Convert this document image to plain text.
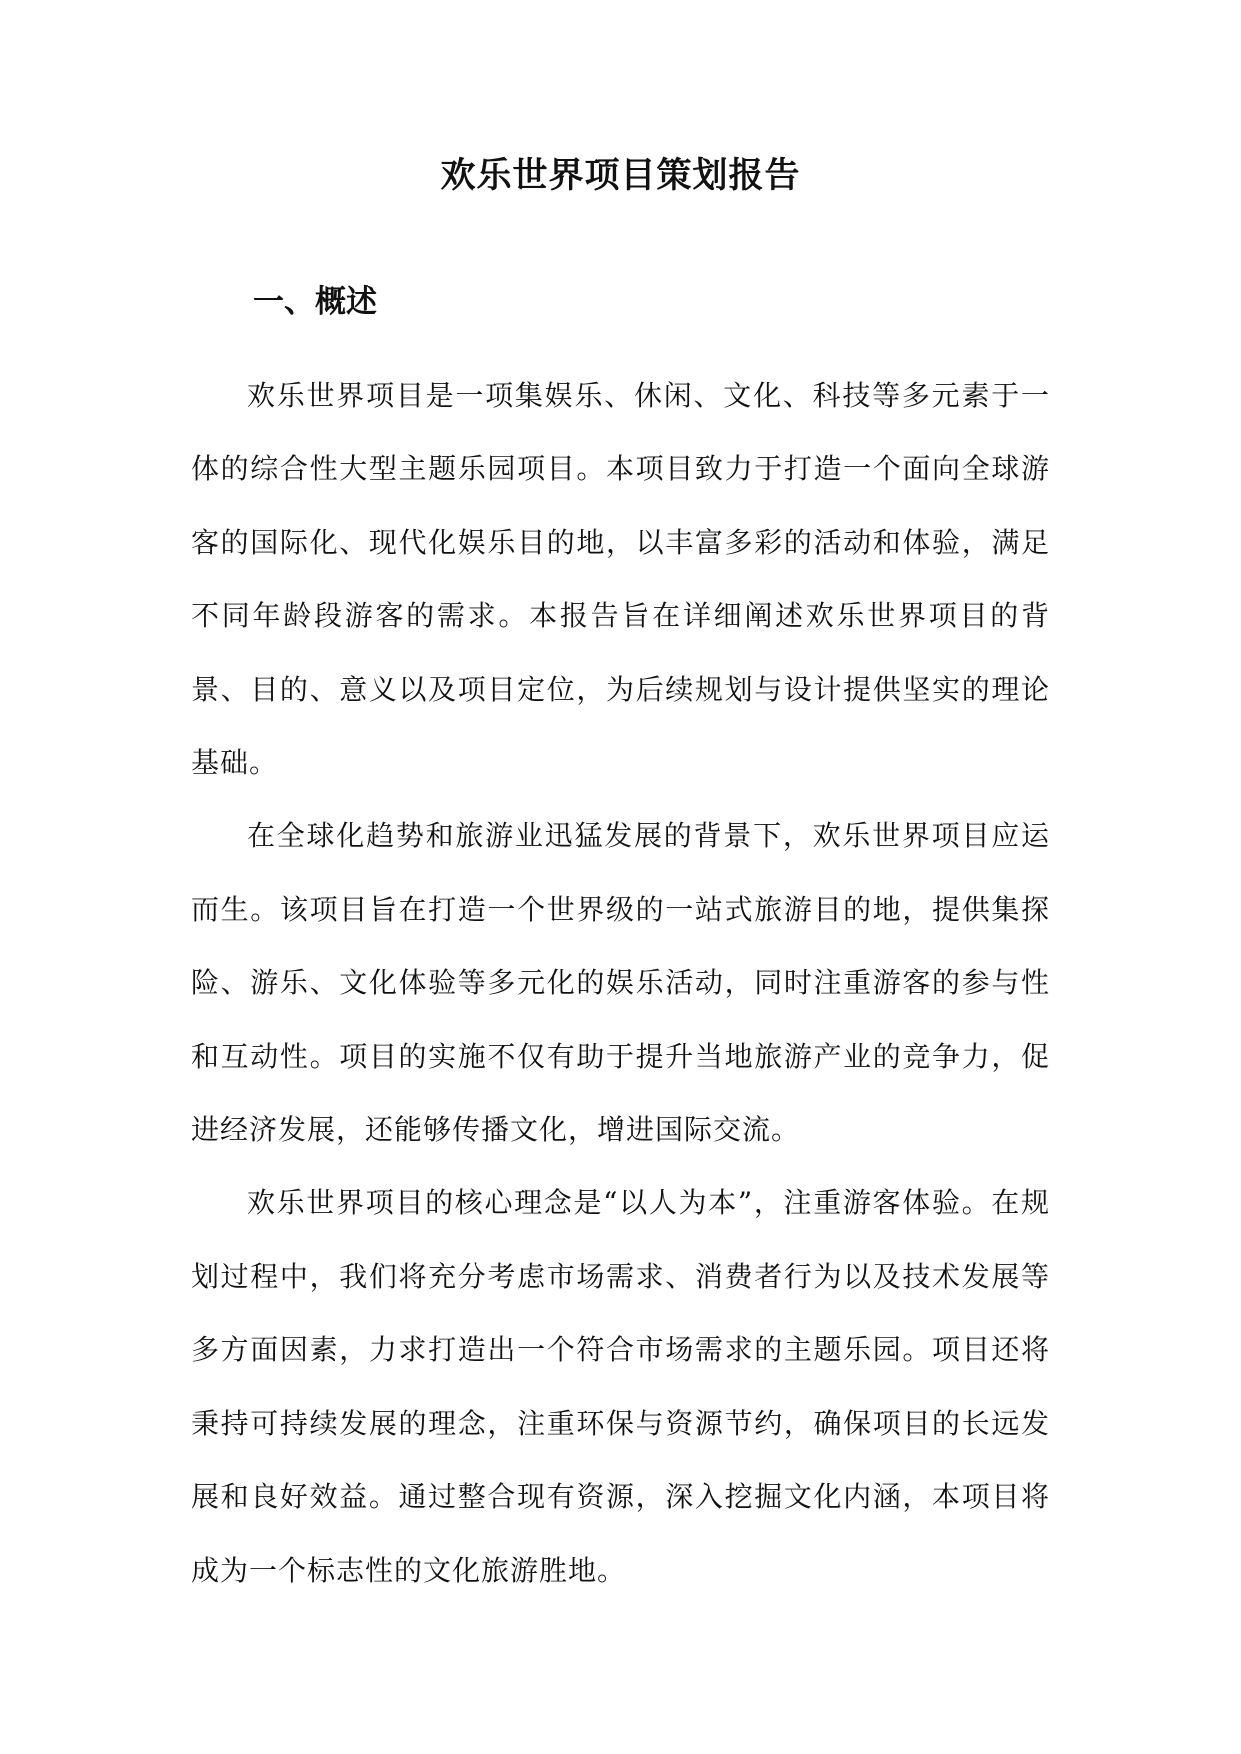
欢乐世界项目策划报告
一、概述

欢乐世界项目是一项集娱乐、休闲、文化、科技等多元素于一体的综合性大型主题乐园项目。本项目致力于打造一个面向全球游客的国际化、现代化娱乐目的地，以丰富多彩的活动和体验，满足不同年龄段游客的需求。本报告旨在详细阐述欢乐世界项目的背景、目的、意义以及项目定位，为后续规划与设计提供坚实的理论基础。

在全球化趋势和旅游业迅猛发展的背景下，欢乐世界项目应运而生。该项目旨在打造一个世界级的一站式旅游目的地，提供集探险、游乐、文化体验等多元化的娱乐活动，同时注重游客的参与性和互动性。项目的实施不仅有助于提升当地旅游产业的竞争力，促进经济发展，还能够传播文化，增进国际交流。

欢乐世界项目的核心理念是“以人为本”，注重游客体验。在规划过程中，我们将充分考虑市场需求、消费者行为以及技术发展等多方面因素，力求打造出一个符合市场需求的主题乐园。项目还将秉持可持续发展的理念，注重环保与资源节约，确保项目的长远发展和良好效益。通过整合现有资源，深入挖掘文化内涵，本项目将成为一个标志性的文化旅游胜地。
